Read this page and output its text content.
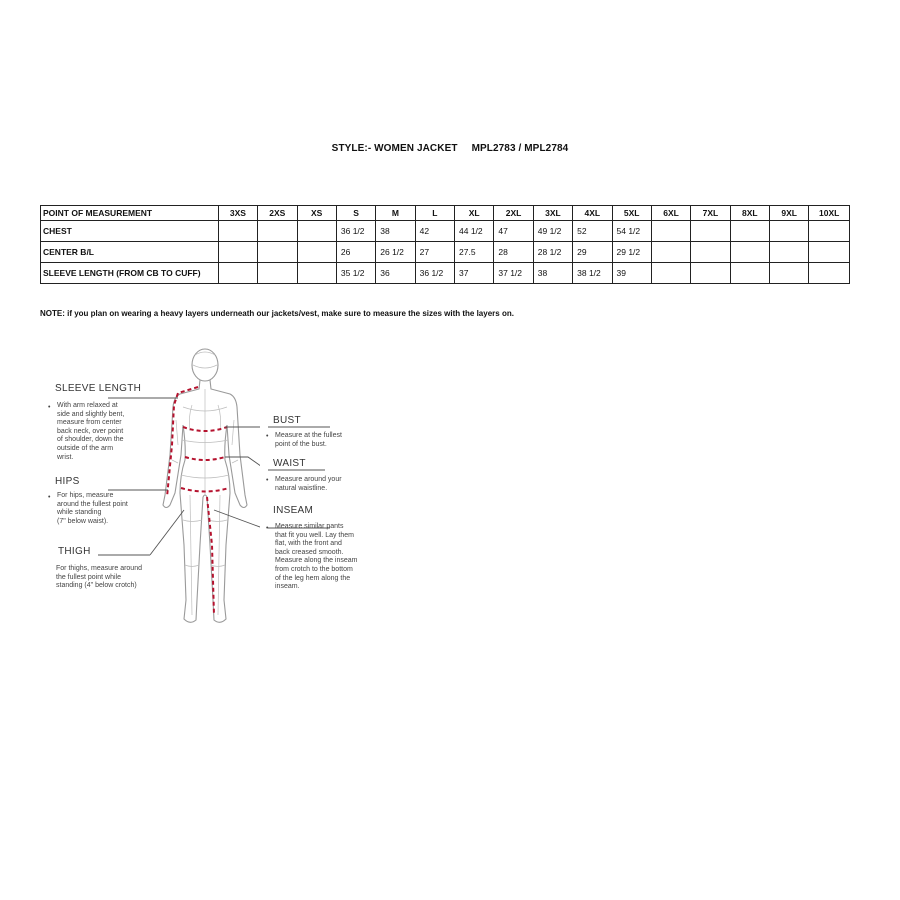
STYLE:- WOMEN JACKET MPL2783 / MPL2784
POINT OF MEASUREMENT	3XS	2XS	XS	S	M	L	XL	2XL	3XL	4XL	5XL	6XL	7XL	8XL	9XL	10XL
CHEST				36 1/2	38	42	44 1/2	47	49 1/2	52	54 1/2					
CENTER B/L				26	26 1/2	27	27.5	28	28 1/2	29	29 1/2					
SLEEVE LENGTH (FROM CB TO CUFF)				35 1/2	36	36 1/2	37	37 1/2	38	38 1/2	39					
NOTE: if you plan on wearing a heavy layers underneath our jackets/vest, make sure to measure the sizes with the layers on.
SLEEVE LENGTH
• With arm relaxed at
side and slightly bent,
measure from center
back neck, over point
of shoulder, down the
outside of the arm
wrist.
HIPS
• For hips, measure
around the fullest point
while standing
(7" below waist).
THIGH
For thighs, measure around
the fullest point while
standing (4" below crotch)
BUST
• Measure at the fullest
point of the bust.
WAIST
• Measure around your
natural waistline.
INSEAM
• Measure similar pants
that fit you well. Lay them
flat, with the front and
back creased smooth.
Measure along the inseam
from crotch to the bottom
of the leg hem along the
inseam.
